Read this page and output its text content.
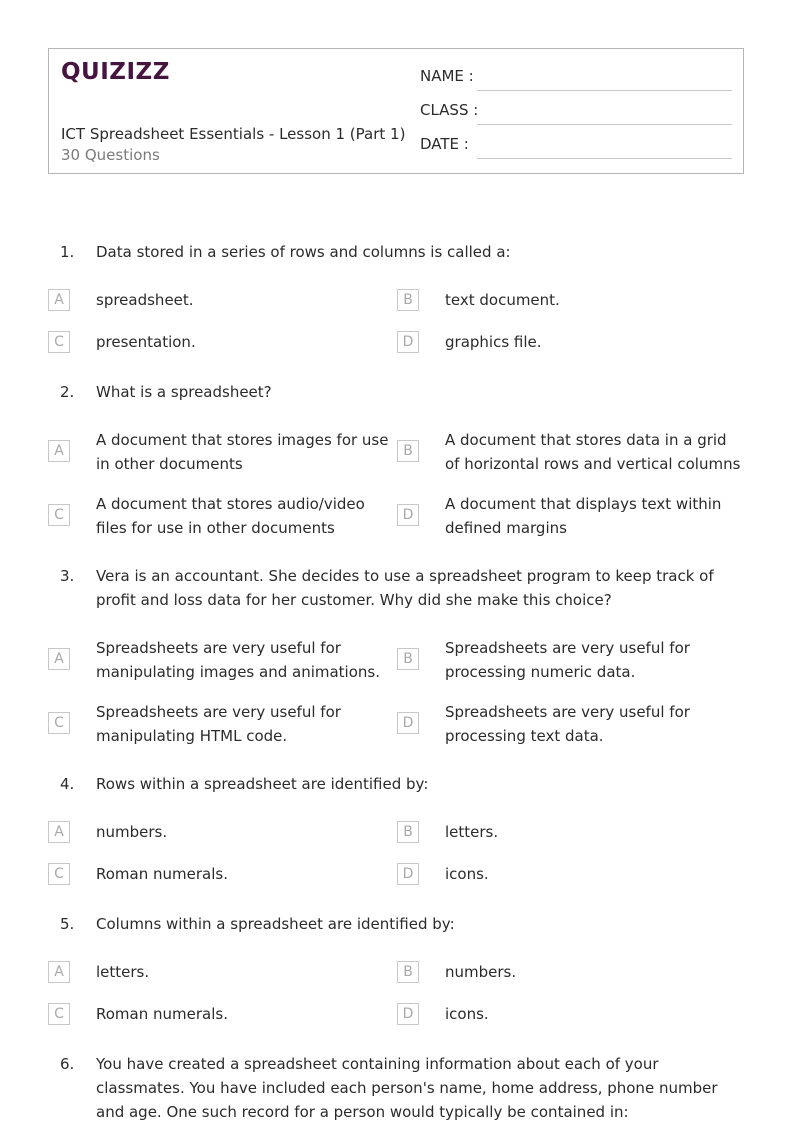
QUIZIZZ
ICT Spreadsheet Essentials - Lesson 1 (Part 1)
30 Questions
NAME :
CLASS :
DATE :
1. Data stored in a series of rows and columns is called a:
A	spreadsheet.	B	text document.
C	presentation.	D	graphics file.
2. What is a spreadsheet?
A
A document that stores images for use in other documents
B
A document that stores data in a grid of horizontal rows and vertical columns
C
A document that stores audio/video files for use in other documents
D
A document that displays text within defined margins
3. Vera is an accountant. She decides to use a spreadsheet program to keep track of profit and loss data for her customer. Why did she make this choice?
A
Spreadsheets are very useful for manipulating images and animations.
B
Spreadsheets are very useful for processing numeric data.
C
Spreadsheets are very useful for manipulating HTML code.
D
Spreadsheets are very useful for processing text data.
4. Rows within a spreadsheet are identified by:
A	numbers.	B	letters.
C	Roman numerals.	D	icons.
5. Columns within a spreadsheet are identified by:
A	letters.	B	numbers.
C	Roman numerals.	D	icons.
6. You have created a spreadsheet containing information about each of your classmates. You have included each person's name, home address, phone number and age. One such record for a person would typically be contained in:
